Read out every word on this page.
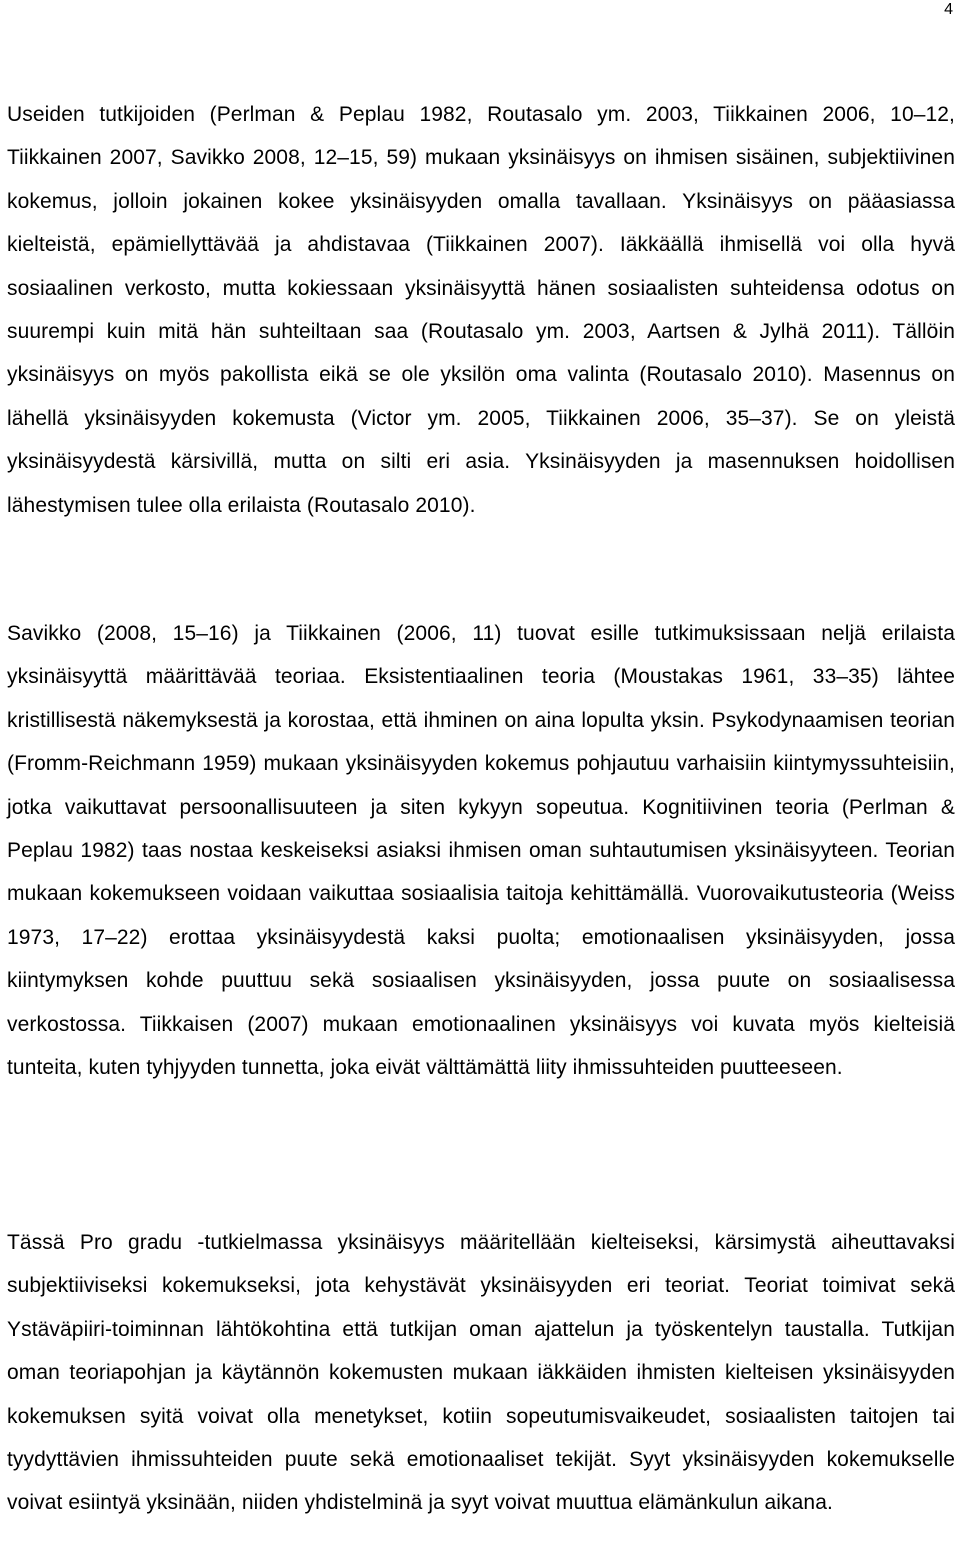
4

Useiden tutkijoiden (Perlman & Peplau 1982, Routasalo ym. 2003, Tiikkainen 2006, 10–12, Tiikkainen 2007, Savikko 2008, 12–15, 59) mukaan yksinäisyys on ihmisen sisäinen, subjektiivinen kokemus, jolloin jokainen kokee yksinäisyyden omalla tavallaan. Yksinäisyys on pääasiassa kielteistä, epämiellyttävää ja ahdistavaa (Tiikkainen 2007). Iäkkäällä ihmisellä voi olla hyvä sosiaalinen verkosto, mutta kokiessaan yksinäisyyttä hänen sosiaalisten suhteidensa odotus on suurempi kuin mitä hän suhteiltaan saa (Routasalo ym. 2003, Aartsen & Jylhä 2011). Tällöin yksinäisyys on myös pakollista eikä se ole yksilön oma valinta (Routasalo 2010). Masennus on lähellä yksinäisyyden kokemusta (Victor ym. 2005, Tiikkainen 2006, 35–37). Se on yleistä yksinäisyydestä kärsivillä, mutta on silti eri asia. Yksinäisyyden ja masennuksen hoidollisen lähestymisen tulee olla erilaista (Routasalo 2010).

Savikko (2008, 15–16) ja Tiikkainen (2006, 11) tuovat esille tutkimuksissaan neljä erilaista yksinäisyyttä määrittävää teoriaa. Eksistentiaalinen teoria (Moustakas 1961, 33–35) lähtee kristillisestä näkemyksestä ja korostaa, että ihminen on aina lopulta yksin. Psykodynaamisen teorian (Fromm-Reichmann 1959) mukaan yksinäisyyden kokemus pohjautuu varhaisiin kiintymyssuhteisiin, jotka vaikuttavat persoonallisuuteen ja siten kykyyn sopeutua. Kognitiivinen teoria (Perlman & Peplau 1982) taas nostaa keskeiseksi asiaksi ihmisen oman suhtautumisen yksinäisyyteen. Teorian mukaan kokemukseen voidaan vaikuttaa sosiaalisia taitoja kehittämällä. Vuorovaikutusteoria (Weiss 1973, 17–22) erottaa yksinäisyydestä kaksi puolta; emotionaalisen yksinäisyyden, jossa kiintymyksen kohde puuttuu sekä sosiaalisen yksinäisyyden, jossa puute on sosiaalisessa verkostossa. Tiikkaisen (2007) mukaan emotionaalinen yksinäisyys voi kuvata myös kielteisiä tunteita, kuten tyhjyyden tunnetta, joka eivät välttämättä liity ihmissuhteiden puutteeseen.

Tässä Pro gradu -tutkielmassa yksinäisyys määritellään kielteiseksi, kärsimystä aiheuttavaksi subjektiiviseksi kokemukseksi, jota kehystävät yksinäisyyden eri teoriat. Teoriat toimivat sekä Ystäväpiiri-toiminnan lähtökohtina että tutkijan oman ajattelun ja työskentelyn taustalla. Tutkijan oman teoriapohjan ja käytännön kokemusten mukaan iäkkäiden ihmisten kielteisen yksinäisyyden kokemuksen syitä voivat olla menetykset, kotiin sopeutumisvaikeudet, sosiaalisten taitojen tai tyydyttävien ihmissuhteiden puute sekä emotionaaliset tekijät. Syyt yksinäisyyden kokemukselle voivat esiintyä yksinään, niiden yhdistelminä ja syyt voivat muuttua elämänkulun aikana.
